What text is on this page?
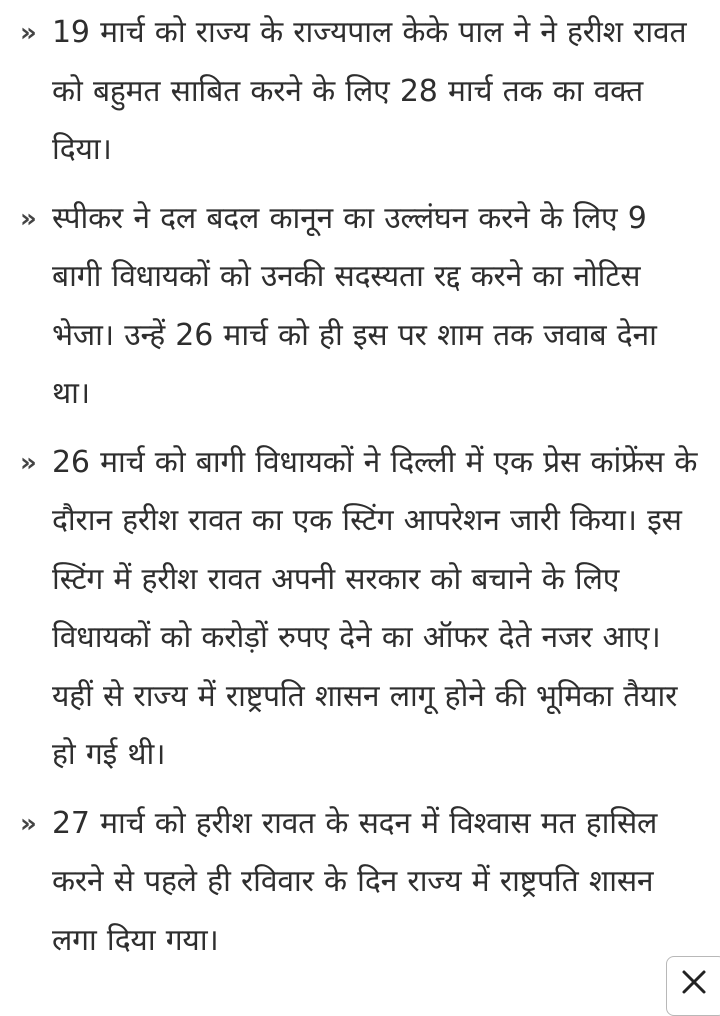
» 19 मार्च को राज्य के राज्यपाल केके पाल ने ने हरीश रावत को बहुमत साबित करने के लिए 28 मार्च तक का वक्त दिया।
» स्पीकर ने दल बदल कानून का उल्लंघन करने के लिए 9 बागी विधायकों को उनकी सदस्यता रद्द करने का नोटिस भेजा। उन्हें 26 मार्च को ही इस पर शाम तक जवाब देना था।
» 26 मार्च को बागी विधायकों ने दिल्ली में एक प्रेस कांफ्रेंस के दौरान हरीश रावत का एक स्टिंग आपरेशन जारी किया। इस स्टिंग में हरीश रावत अपनी सरकार को बचाने के लिए विधायकों को करोड़ों रुपए देने का ऑफर देते नजर आए। यहीं से राज्य में राष्ट्रपति शासन लागू होने की भूमिका तैयार हो गई थी।
» 27 मार्च को हरीश रावत के सदन में विश्वास मत हासिल करने से पहले ही रविवार के दिन राज्य में राष्ट्रपति शासन लगा दिया गया।
